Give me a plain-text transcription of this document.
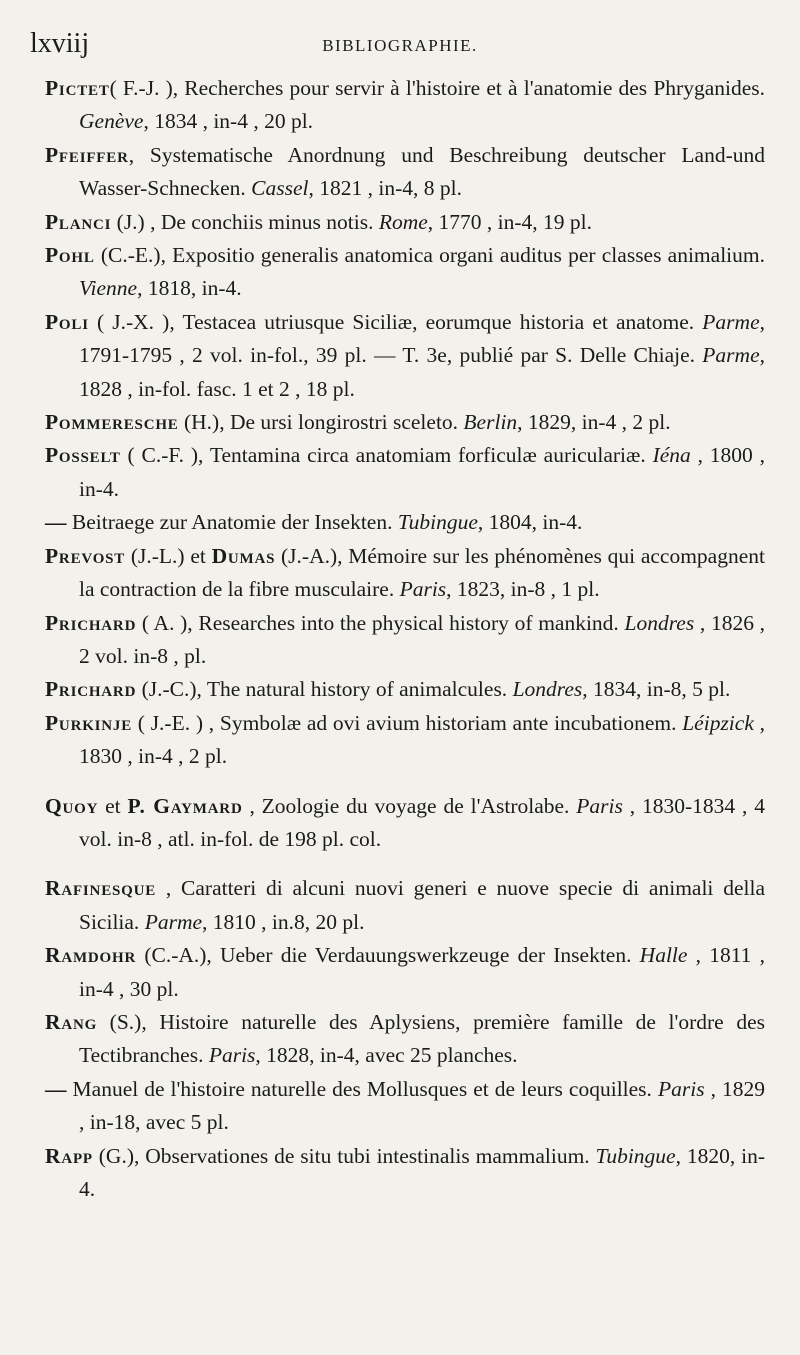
lxviij	BIBLIOGRAPHIE.

Pictet( F.-J. ), Recherches pour servir à l'histoire et à l'anatomie des Phryganides. Genève, 1834 , in-4 , 20 pl.

Pfeiffer, Systematische Anordnung und Beschreibung deutscher Land-und Wasser-Schnecken. Cassel, 1821 , in-4, 8 pl.

Planci (J.) , De conchiis minus notis. Rome, 1770 , in-4, 19 pl.

Pohl (C.-E.), Expositio generalis anatomica organi auditus per classes animalium. Vienne, 1818, in-4.

Poli ( J.-X. ), Testacea utriusque Siciliæ, eorumque historia et anatome. Parme, 1791-1795 , 2 vol. in-fol., 39 pl. — T. 3e, publié par S. Delle Chiaje. Parme, 1828 , in-fol. fasc. 1 et 2 , 18 pl.

Pommeresche (H.), De ursi longirostri sceleto. Berlin, 1829, in-4 , 2 pl.

Posselt ( C.-F. ), Tentamina circa anatomiam forficulæ auriculariæ. Iéna , 1800 , in-4.

— Beitraege zur Anatomie der Insekten. Tubingue, 1804, in-4.

Prevost (J.-L.) et Dumas (J.-A.), Mémoire sur les phénomènes qui accompagnent la contraction de la fibre musculaire. Paris, 1823, in-8 , 1 pl.

Prichard ( A. ), Researches into the physical history of mankind. Londres , 1826 , 2 vol. in-8 , pl.

Prichard (J.-C.), The natural history of animalcules. Londres, 1834, in-8, 5 pl.

Purkinje ( J.-E. ) , Symbolæ ad ovi avium historiam ante incubationem. Léipzick , 1830 , in-4 , 2 pl.

Quoy et P. Gaymard , Zoologie du voyage de l'Astrolabe. Paris , 1830-1834 , 4 vol. in-8 , atl. in-fol. de 198 pl. col.

Rafinesque , Caratteri di alcuni nuovi generi e nuove specie di animali della Sicilia. Parme, 1810 , in.8, 20 pl.

Ramdohr (C.-A.), Ueber die Verdauungswerkzeuge der Insekten. Halle , 1811 , in-4 , 30 pl.

Rang (S.), Histoire naturelle des Aplysiens, première famille de l'ordre des Tectibranches. Paris, 1828, in-4, avec 25 planches.

— Manuel de l'histoire naturelle des Mollusques et de leurs coquilles. Paris , 1829 , in-18, avec 5 pl.

Rapp (G.), Observationes de situ tubi intestinalis mammalium. Tubingue, 1820, in-4.
